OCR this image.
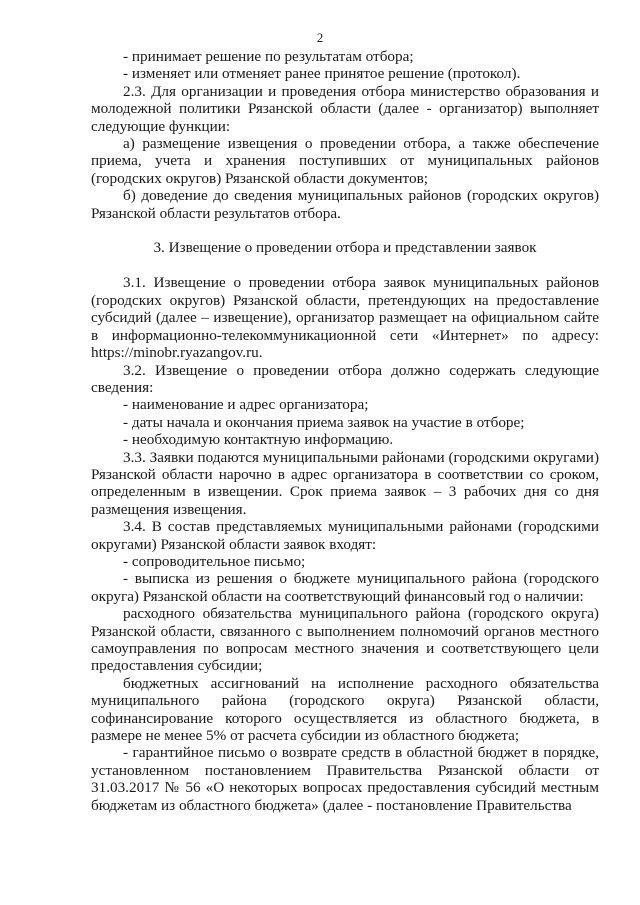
2

- принимает решение по результатам отбора;

- изменяет или отменяет ранее принятое решение (протокол).

2.3. Для организации и проведения отбора министерство образования и молодежной политики Рязанской области (далее - организатор) выполняет следующие функции:

а) размещение извещения о проведении отбора, а также обеспечение приема, учета и хранения поступивших от муниципальных районов (городских округов) Рязанской области документов;

б) доведение до сведения муниципальных районов (городских округов) Рязанской области результатов отбора.

3. Извещение о проведении отбора и представлении заявок

3.1. Извещение о проведении отбора заявок муниципальных районов (городских округов) Рязанской области, претендующих на предоставление субсидий (далее – извещение), организатор размещает на официальном сайте в информационно-телекоммуникационной сети «Интернет» по адресу: https://minobr.ryazangov.ru.

3.2. Извещение о проведении отбора должно содержать следующие сведения:

- наименование и адрес организатора;

- даты начала и окончания приема заявок на участие в отборе;

- необходимую контактную информацию.

3.3. Заявки подаются муниципальными районами (городскими округами) Рязанской области нарочно в адрес организатора в соответствии со сроком, определенным в извещении. Срок приема заявок – 3 рабочих дня со дня размещения извещения.

3.4. В состав представляемых муниципальными районами (городскими округами) Рязанской области заявок входят:

- сопроводительное письмо;

- выписка из решения о бюджете муниципального района (городского округа) Рязанской области на соответствующий финансовый год о наличии:

расходного обязательства муниципального района (городского округа) Рязанской области, связанного с выполнением полномочий органов местного самоуправления по вопросам местного значения и соответствующего цели предоставления субсидии;

бюджетных ассигнований на исполнение расходного обязательства муниципального района (городского округа) Рязанской области, софинансирование которого осуществляется из областного бюджета, в размере не менее 5% от расчета субсидии из областного бюджета;

- гарантийное письмо о возврате средств в областной бюджет в порядке, установленном постановлением Правительства Рязанской области от 31.03.2017 № 56 «О некоторых вопросах предоставления субсидий местным бюджетам из областного бюджета» (далее - постановление Правительства
